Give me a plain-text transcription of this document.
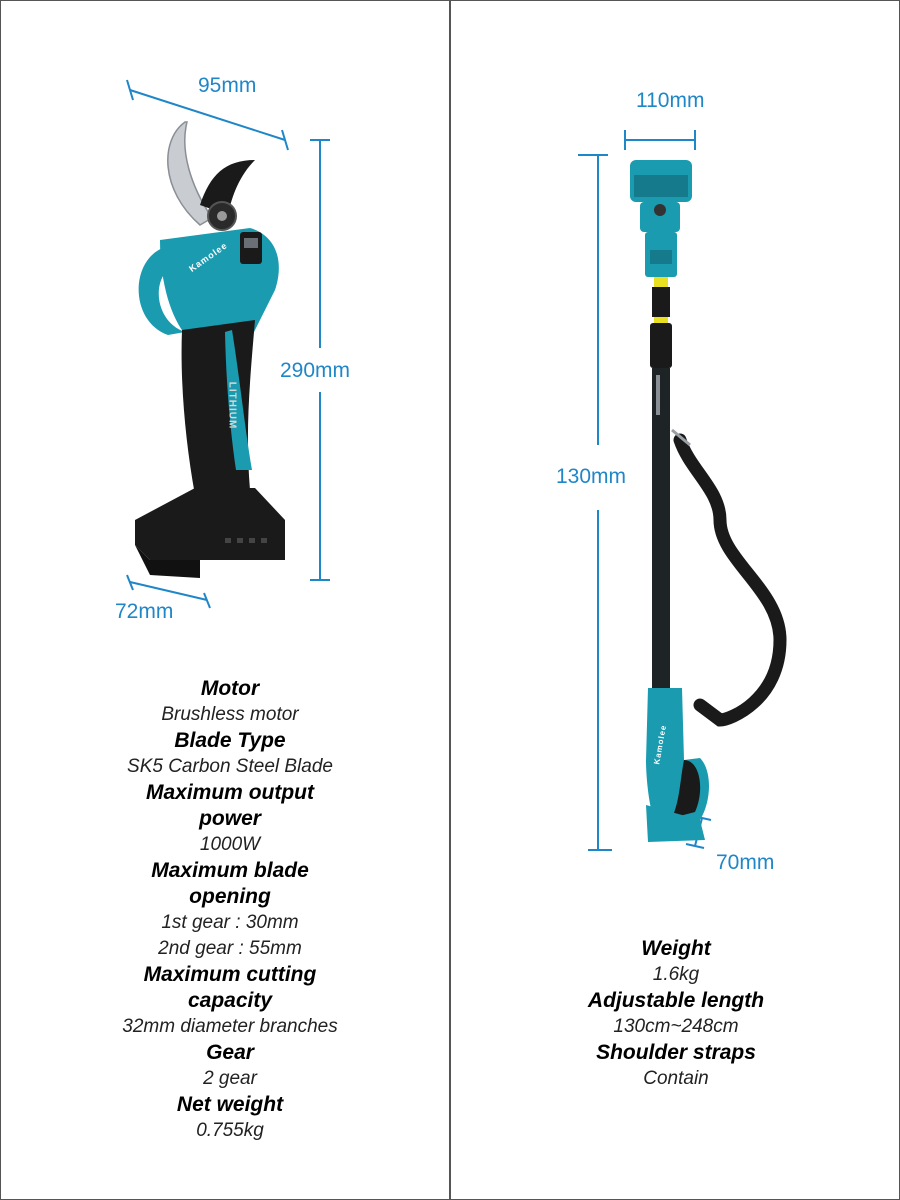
Kamolee
LITHIUM
Kamolee
95mm
290mm
72mm
110mm
130mm
70mm
Motor
Brushless motor
Blade Type
SK5 Carbon Steel Blade
Maximum output power
1000W
Maximum blade opening
1st gear : 30mm
2nd gear : 55mm
Maximum cutting capacity
32mm diameter branches
Gear
2 gear
Net weight
0.755kg
Weight
1.6kg
Adjustable length
130cm~248cm
Shoulder straps
Contain
